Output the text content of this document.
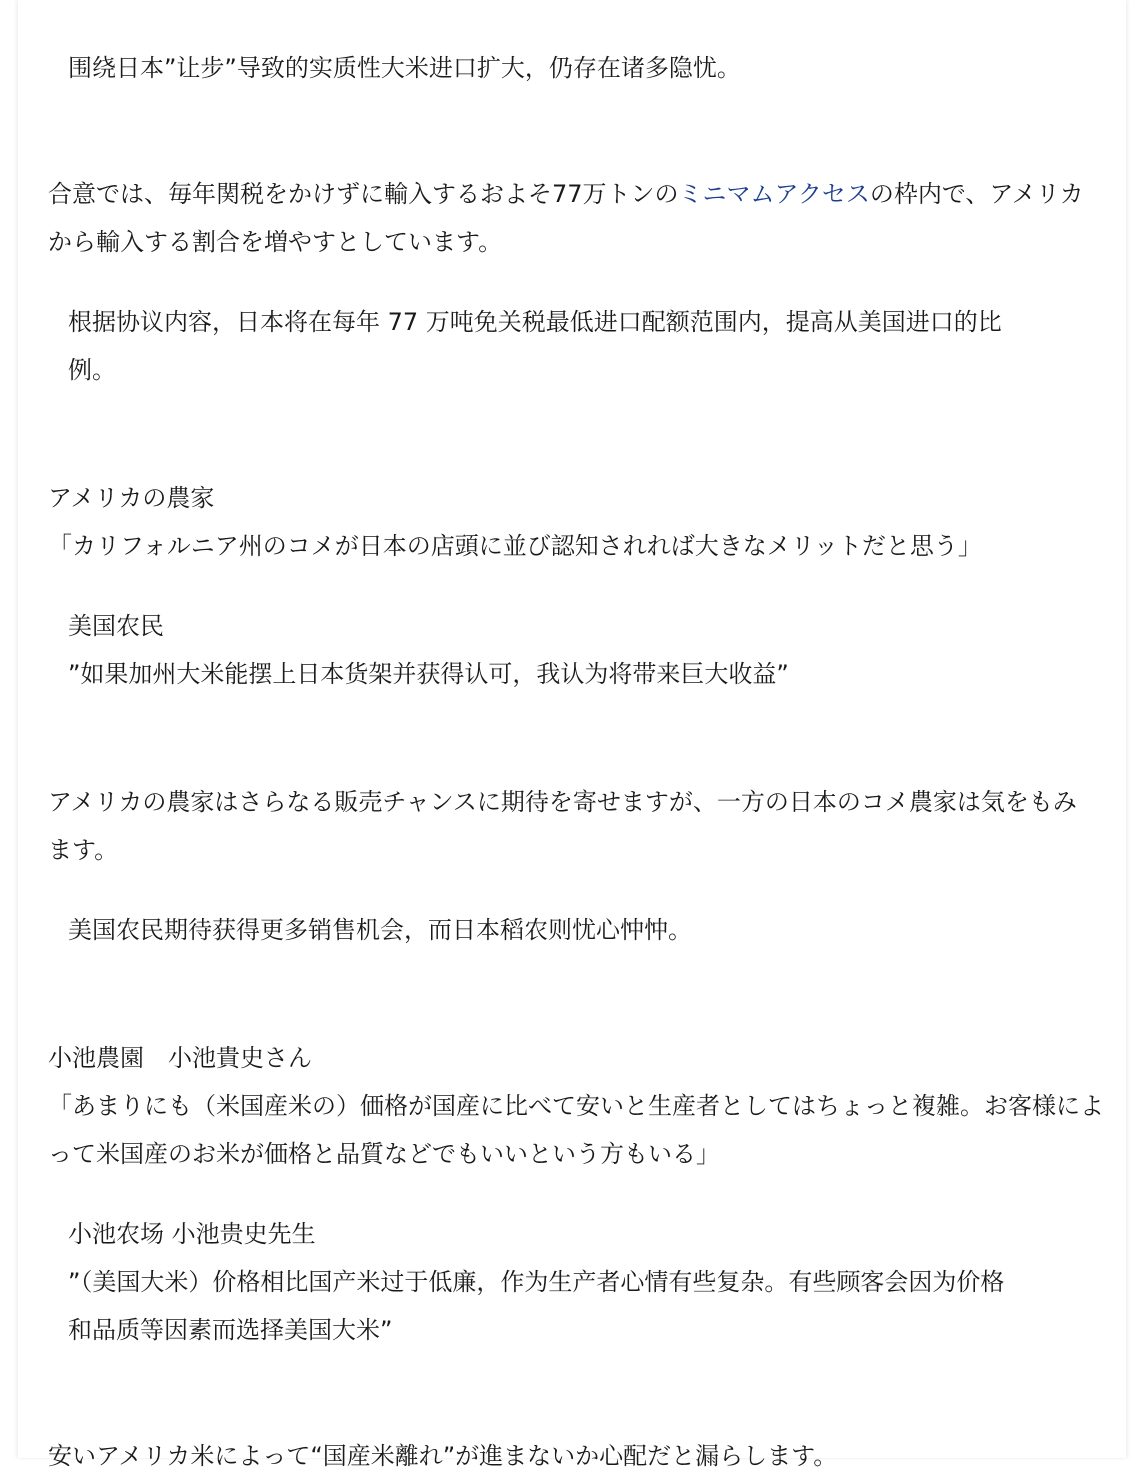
围绕日本”让步”导致的实质性大米进口扩大，仍存在诸多隐忧。

合意では、毎年関税をかけずに輸入するおよそ77万トンのミニマムアクセスの枠内で、アメリカ

から輸入する割合を増やすとしています。

根据协议内容，日本将在每年 77 万吨免关税最低进口配额范围内，提高从美国进口的比

例。

アメリカの農家

「カリフォルニア州のコメが日本の店頭に並び認知されれば大きなメリットだと思う」

美国农民

”如果加州大米能摆上日本货架并获得认可，我认为将带来巨大收益”

アメリカの農家はさらなる販売チャンスに期待を寄せますが、一方の日本のコメ農家は気をもみ

ます。

美国农民期待获得更多销售机会，而日本稻农则忧心忡忡。

小池農園　小池貴史さん

「あまりにも（米国産米の）価格が国産に比べて安いと生産者としてはちょっと複雑。お客様によ

って米国産のお米が価格と品質などでもいいという方もいる」

小池农场 小池贵史先生

”（美国大米）价格相比国产米过于低廉，作为生产者心情有些复杂。有些顾客会因为价格

和品质等因素而选择美国大米”

安いアメリカ米によって“国産米離れ”が進まないか心配だと漏らします。
